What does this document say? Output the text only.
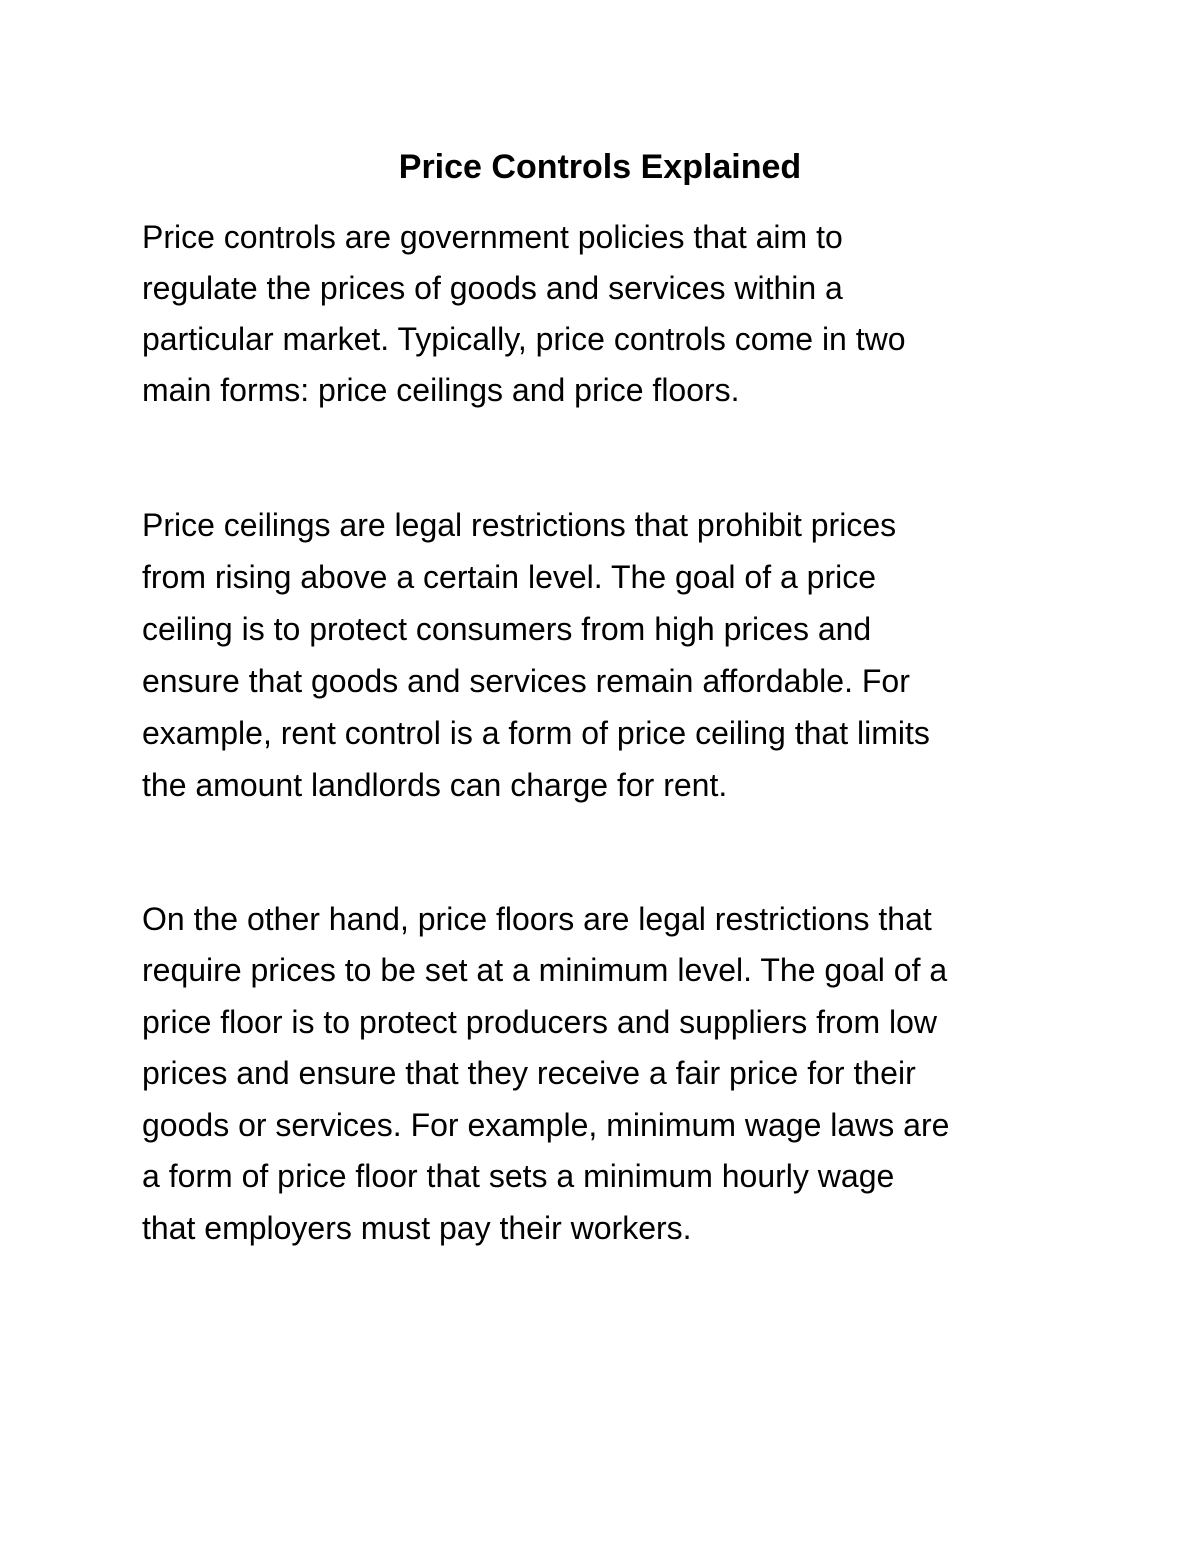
Price Controls Explained

Price controls are government policies that aim to

regulate the prices of goods and services within a

particular market. Typically, price controls come in two

main forms: price ceilings and price floors.

Price ceilings are legal restrictions that prohibit prices

from rising above a certain level. The goal of a price

ceiling is to protect consumers from high prices and

ensure that goods and services remain affordable. For

example, rent control is a form of price ceiling that limits

the amount landlords can charge for rent.

On the other hand, price floors are legal restrictions that

require prices to be set at a minimum level. The goal of a

price floor is to protect producers and suppliers from low

prices and ensure that they receive a fair price for their

goods or services. For example, minimum wage laws are

a form of price floor that sets a minimum hourly wage

that employers must pay their workers.
